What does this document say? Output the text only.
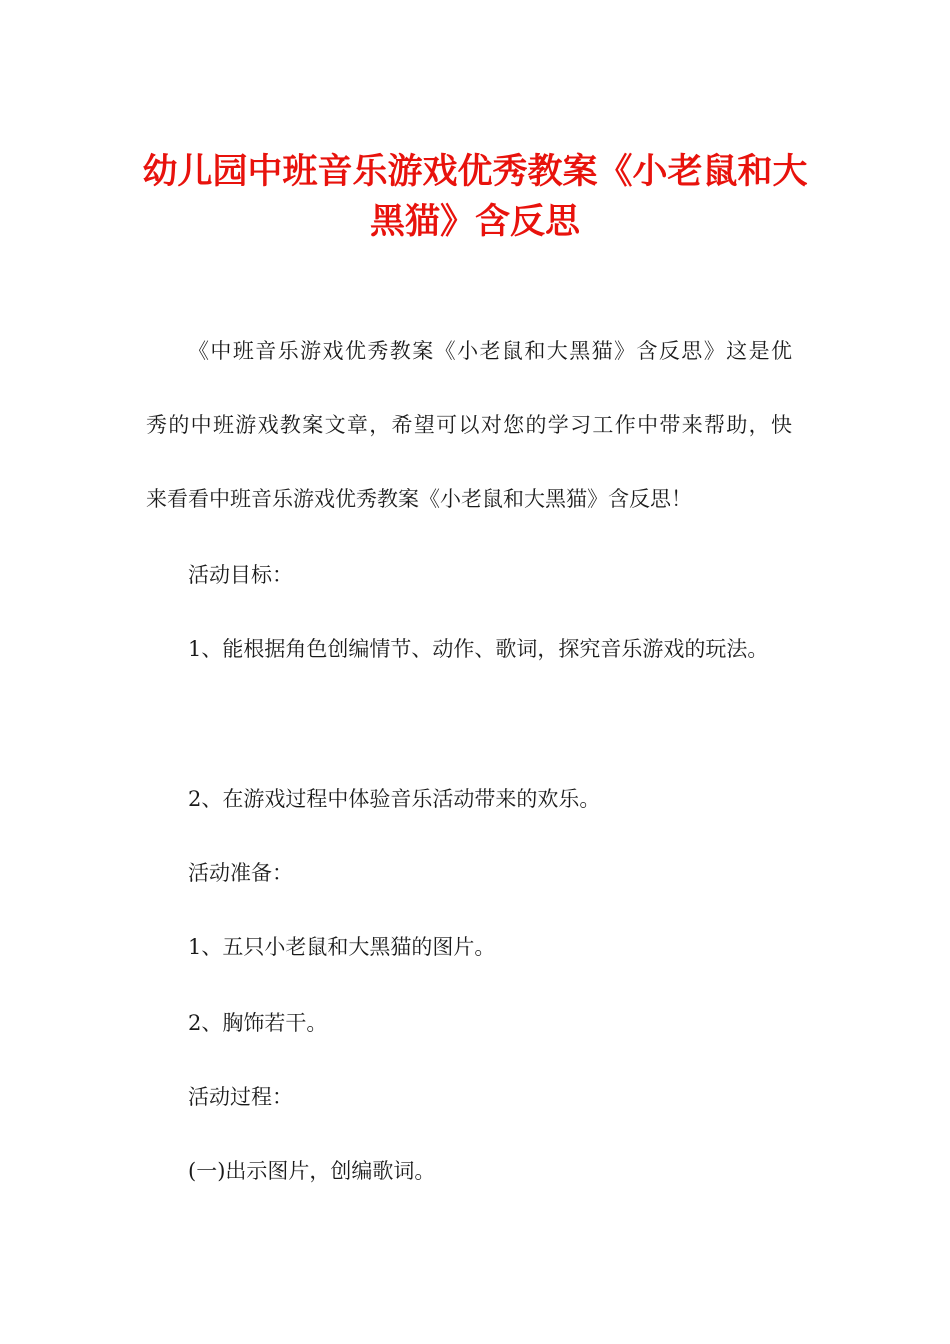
幼儿园中班音乐游戏优秀教案《小老鼠和大
黑猫》含反思
《中班音乐游戏优秀教案《小老鼠和大黑猫》含反思》这是优
秀的中班游戏教案文章，希望可以对您的学习工作中带来帮助，快
来看看中班音乐游戏优秀教案《小老鼠和大黑猫》含反思！
活动目标：
1、能根据角色创编情节、动作、歌词，探究音乐游戏的玩法。
2、在游戏过程中体验音乐活动带来的欢乐。
活动准备：
1、五只小老鼠和大黑猫的图片。
2、胸饰若干。
活动过程：
(一)出示图片，创编歌词。
